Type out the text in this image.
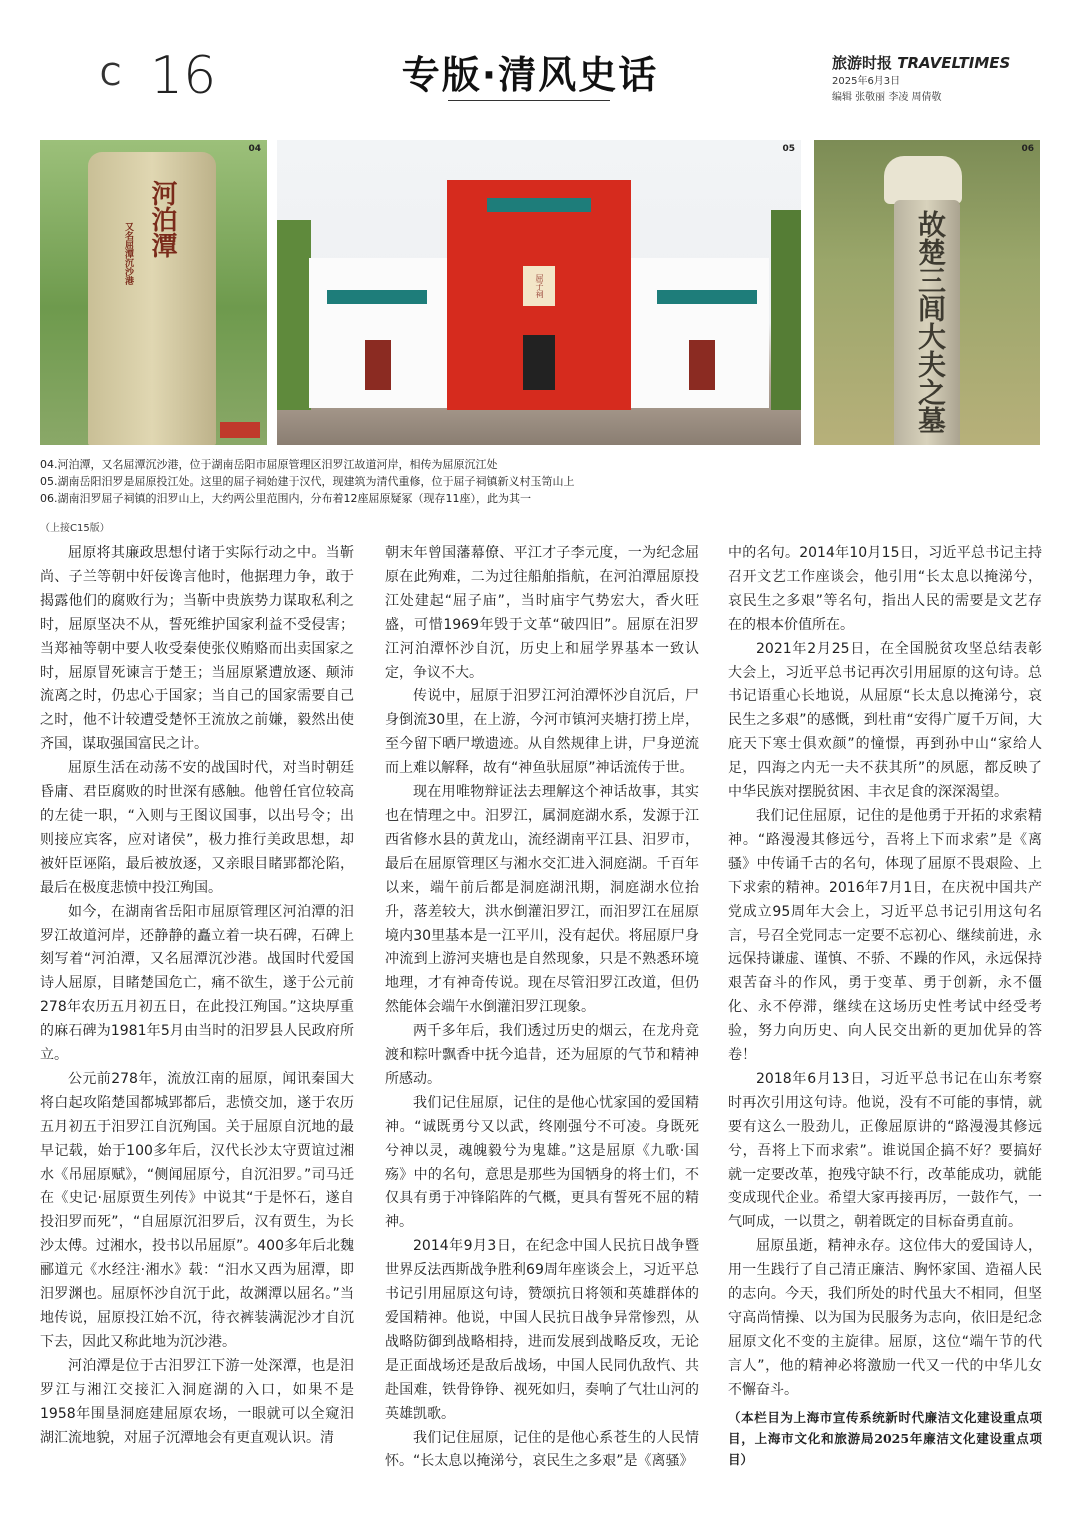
C 16	专版·清风史话	旅游时报 TRAVELTIMES
2025年6月3日
编辑 张敬丽 李凌 周倩敬
河泊潭
又名屈潭沉沙港
04
屈子祠
05
故楚三闾大夫之墓
06
04.河泊潭，又名屈潭沉沙港，位于湖南岳阳市屈原管理区汨罗江故道河岸，相传为屈原沉江处
05.湖南岳阳汨罗是屈原投江处。这里的屈子祠始建于汉代，现建筑为清代重修，位于屈子祠镇新义村玉笥山上
06.湖南汨罗屈子祠镇的汨罗山上，大约两公里范围内，分布着12座屈原疑冢（现存11座），此为其一
（上接C15版）

屈原将其廉政思想付诸于实际行动之中。当靳尚、子兰等朝中奸佞谗言他时，他据理力争，敢于揭露他们的腐败行为；当靳中贵族势力谋取私利之时，屈原坚决不从，誓死维护国家利益不受侵害；当郑袖等朝中要人收受秦使张仪贿赂而出卖国家之时，屈原冒死谏言于楚王；当屈原紧遭放逐、颠沛流离之时，仍忠心于国家；当自己的国家需要自己之时，他不计较遭受楚怀王流放之前嫌，毅然出使齐国，谋取强国富民之计。

屈原生活在动荡不安的战国时代，对当时朝廷昏庸、君臣腐败的时世深有感触。他曾任官位较高的左徒一职，“入则与王图议国事，以出号令；出则接应宾客，应对诸侯”，极力推行美政思想，却被奸臣诬陷，最后被放逐，又亲眼目睹郢都沦陷，最后在极度悲愤中投江殉国。

如今，在湖南省岳阳市屈原管理区河泊潭的汨罗江故道河岸，还静静的矗立着一块石碑，石碑上刻写着“河泊潭，又名屈潭沉沙港。战国时代爱国诗人屈原，目睹楚国危亡，痛不欲生，遂于公元前278年农历五月初五日，在此投江殉国。”这块厚重的麻石碑为1981年5月由当时的汨罗县人民政府所立。

公元前278年，流放江南的屈原，闻讯秦国大将白起攻陷楚国都城郢都后，悲愤交加，遂于农历五月初五于汨罗江自沉殉国。关于屈原自沉地的最早记载，始于100多年后，汉代长沙太守贾谊过湘水《吊屈原赋》，“侧闻屈原兮，自沉汨罗。”司马迁在《史记·屈原贾生列传》中说其“于是怀石，遂自投汨罗而死”，“自屈原沉汨罗后，汉有贾生，为长沙太傅。过湘水，投书以吊屈原”。400多年后北魏郦道元《水经注·湘水》载：“汨水又西为屈潭，即汨罗渊也。屈原怀沙自沉于此，故渊潭以屈名。”当地传说，屈原投江始不沉，待衣裤装满泥沙才自沉下去，因此又称此地为沉沙港。

河泊潭是位于古汨罗江下游一处深潭，也是汨罗江与湘江交接汇入洞庭湖的入口，如果不是1958年围垦洞庭建屈原农场，一眼就可以全窥汨湖汇流地貌，对屈子沉潭地会有更直观认识。清

朝末年曾国藩幕僚、平江才子李元度，一为纪念屈原在此殉难，二为过往船舶指航，在河泊潭屈原投江处建起“屈子庙”，当时庙宇气势宏大，香火旺盛，可惜1969年毁于文革“破四旧”。屈原在汨罗江河泊潭怀沙自沉，历史上和屈学界基本一致认定，争议不大。

传说中，屈原于汨罗江河泊潭怀沙自沉后，尸身倒流30里，在上游，今河市镇河夹塘打捞上岸，至今留下晒尸墩遗迹。从自然规律上讲，尸身逆流而上难以解释，故有“神鱼驮屈原”神话流传于世。

现在用唯物辩证法去理解这个神话故事，其实也在情理之中。汨罗江，属洞庭湖水系，发源于江西省修水县的黄龙山，流经湖南平江县、汨罗市，最后在屈原管理区与湘水交汇进入洞庭湖。千百年以来，端午前后都是洞庭湖汛期，洞庭湖水位抬升，落差较大，洪水倒灌汨罗江，而汨罗江在屈原境内30里基本是一江平川，没有起伏。将屈原尸身冲流到上游河夹塘也是自然现象，只是不熟悉环境地理，才有神奇传说。现在尽管汨罗江改道，但仍然能体会端午水倒灌汨罗江现象。

两千多年后，我们透过历史的烟云，在龙舟竞渡和粽叶飘香中抚今追昔，还为屈原的气节和精神所感动。

我们记住屈原，记住的是他心忧家国的爱国精神。“诚既勇兮又以武，终刚强兮不可凌。身既死兮神以灵，魂魄毅兮为鬼雄。”这是屈原《九歌·国殇》中的名句，意思是那些为国牺身的将士们，不仅具有勇于冲锋陷阵的气概，更具有誓死不屈的精神。

2014年9月3日，在纪念中国人民抗日战争暨世界反法西斯战争胜利69周年座谈会上，习近平总书记引用屈原这句诗，赞颂抗日将领和英雄群体的爱国精神。他说，中国人民抗日战争异常惨烈，从战略防御到战略相持，进而发展到战略反攻，无论是正面战场还是敌后战场，中国人民同仇敌忾、共赴国难，铁骨铮铮、视死如归，奏响了气壮山河的英雄凯歌。

我们记住屈原，记住的是他心系苍生的人民情怀。“长太息以掩涕兮，哀民生之多艰”是《离骚》

中的名句。2014年10月15日，习近平总书记主持召开文艺工作座谈会，他引用“长太息以掩涕兮，哀民生之多艰”等名句，指出人民的需要是文艺存在的根本价值所在。

2021年2月25日，在全国脱贫攻坚总结表彰大会上，习近平总书记再次引用屈原的这句诗。总书记语重心长地说，从屈原“长太息以掩涕兮，哀民生之多艰”的感慨，到杜甫“安得广厦千万间，大庇天下寒士俱欢颜”的憧憬，再到孙中山“家给人足，四海之内无一夫不获其所”的夙愿，都反映了中华民族对摆脱贫困、丰衣足食的深深渴望。

我们记住屈原，记住的是他勇于开拓的求索精神。“路漫漫其修远兮，吾将上下而求索”是《离骚》中传诵千古的名句，体现了屈原不畏艰险、上下求索的精神。2016年7月1日，在庆祝中国共产党成立95周年大会上，习近平总书记引用这句名言，号召全党同志一定要不忘初心、继续前进，永远保持谦虚、谨慎、不骄、不躁的作风，永远保持艰苦奋斗的作风，勇于变革、勇于创新，永不僵化、永不停滞，继续在这场历史性考试中经受考验，努力向历史、向人民交出新的更加优异的答卷！

2018年6月13日，习近平总书记在山东考察时再次引用这句诗。他说，没有不可能的事情，就要有这么一股劲儿，正像屈原讲的“路漫漫其修远兮，吾将上下而求索”。谁说国企搞不好？要搞好就一定要改革，抱残守缺不行，改革能成功，就能变成现代企业。希望大家再接再厉，一鼓作气，一气呵成，一以贯之，朝着既定的目标奋勇直前。

屈原虽逝，精神永存。这位伟大的爱国诗人，用一生践行了自己清正廉洁、胸怀家国、造福人民的志向。今天，我们所处的时代虽大不相同，但坚守高尚情操、以为国为民服务为志向，依旧是纪念屈原文化不变的主旋律。屈原，这位“端午节的代言人”，他的精神必将激励一代又一代的中华儿女不懈奋斗。

（本栏目为上海市宣传系统新时代廉洁文化建设重点项目，上海市文化和旅游局2025年廉洁文化建设重点项目）
